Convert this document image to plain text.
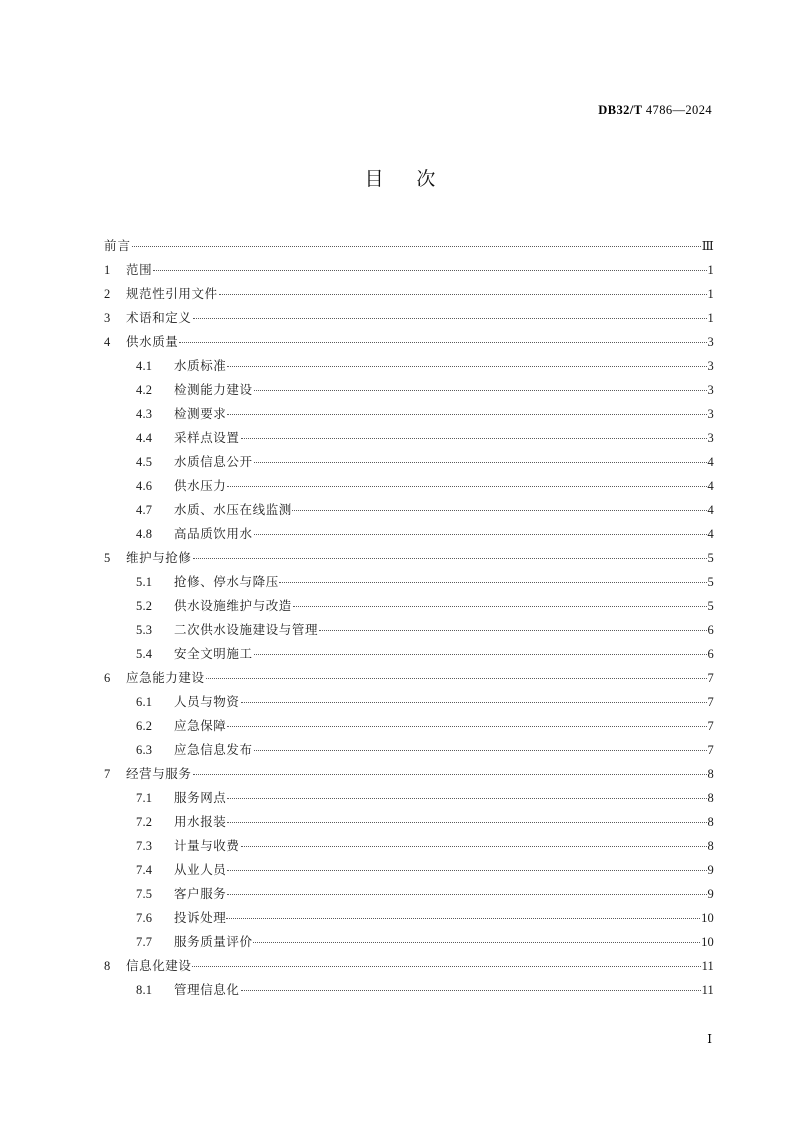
DB32/T 4786—2024
目 次
前言	Ⅲ
1	范围	1
2	规范性引用文件	1
3	术语和定义	1
4	供水质量	3
4.1	水质标准	3
4.2	检测能力建设	3
4.3	检测要求	3
4.4	采样点设置	3
4.5	水质信息公开	4
4.6	供水压力	4
4.7	水质、水压在线监测	4
4.8	高品质饮用水	4
5	维护与抢修	5
5.1	抢修、停水与降压	5
5.2	供水设施维护与改造	5
5.3	二次供水设施建设与管理	6
5.4	安全文明施工	6
6	应急能力建设	7
6.1	人员与物资	7
6.2	应急保障	7
6.3	应急信息发布	7
7	经营与服务	8
7.1	服务网点	8
7.2	用水报装	8
7.3	计量与收费	8
7.4	从业人员	9
7.5	客户服务	9
7.6	投诉处理	10
7.7	服务质量评价	10
8	信息化建设	11
8.1	管理信息化	11
Ⅰ
